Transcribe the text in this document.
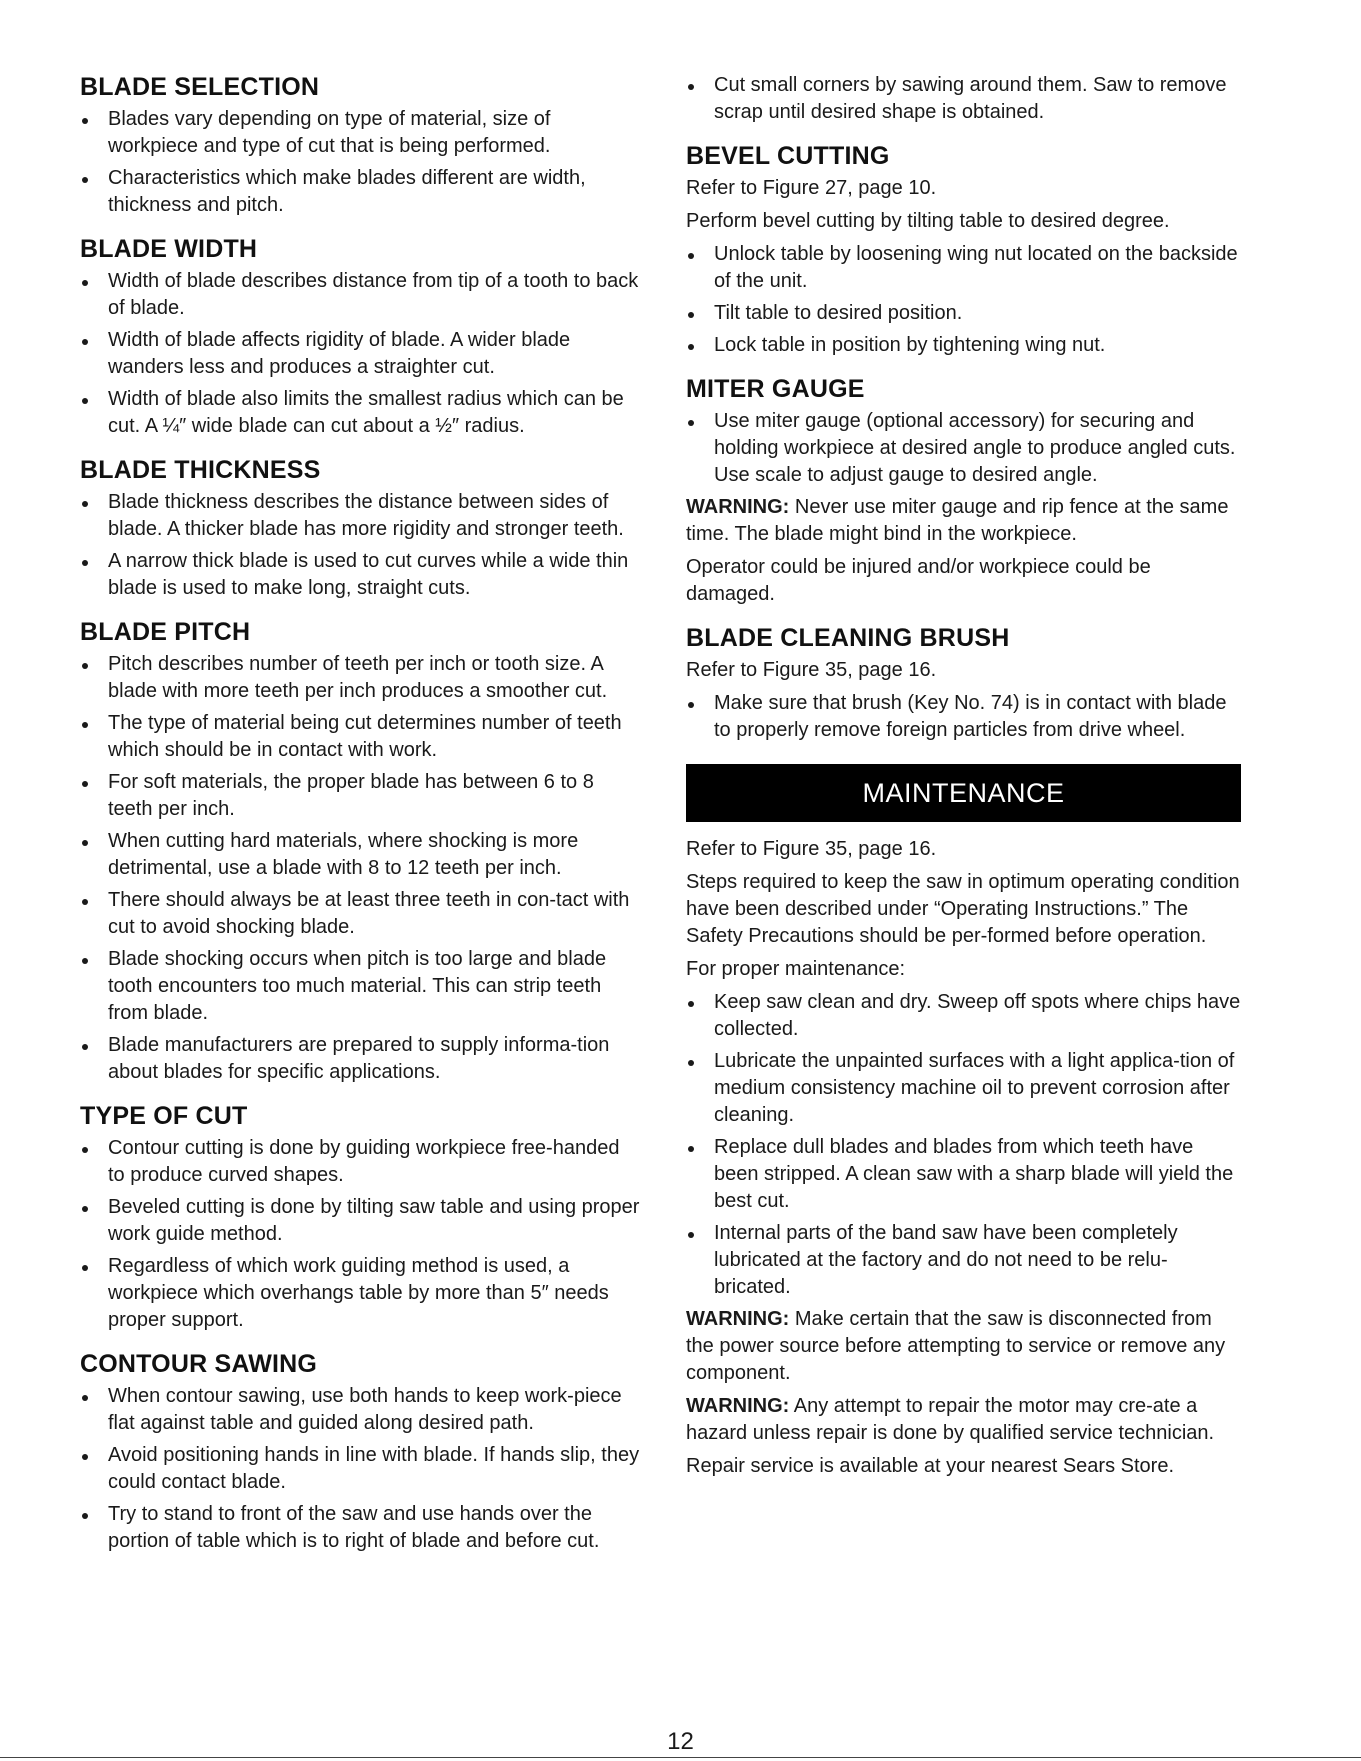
BLADE SELECTION
Blades vary depending on type of material, size of workpiece and type of cut that is being performed.
Characteristics which make blades different are width, thickness and pitch.
BLADE WIDTH
Width of blade describes distance from tip of a tooth to back of blade.
Width of blade affects rigidity of blade. A wider blade wanders less and produces a straighter cut.
Width of blade also limits the smallest radius which can be cut. A ¼″ wide blade can cut about a ½″ radius.
BLADE THICKNESS
Blade thickness describes the distance between sides of blade. A thicker blade has more rigidity and stronger teeth.
A narrow thick blade is used to cut curves while a wide thin blade is used to make long, straight cuts.
BLADE PITCH
Pitch describes number of teeth per inch or tooth size. A blade with more teeth per inch produces a smoother cut.
The type of material being cut determines number of teeth which should be in contact with work.
For soft materials, the proper blade has between 6 to 8 teeth per inch.
When cutting hard materials, where shocking is more detrimental, use a blade with 8 to 12 teeth per inch.
There should always be at least three teeth in con-tact with cut to avoid shocking blade.
Blade shocking occurs when pitch is too large and blade tooth encounters too much material. This can strip teeth from blade.
Blade manufacturers are prepared to supply informa-tion about blades for specific applications.
TYPE OF CUT
Contour cutting is done by guiding workpiece free-handed to produce curved shapes.
Beveled cutting is done by tilting saw table and using proper work guide method.
Regardless of which work guiding method is used, a workpiece which overhangs table by more than 5″ needs proper support.
CONTOUR SAWING
When contour sawing, use both hands to keep work-piece flat against table and guided along desired path.
Avoid positioning hands in line with blade. If hands slip, they could contact blade.
Try to stand to front of the saw and use hands over the portion of table which is to right of blade and before cut.
Cut small corners by sawing around them. Saw to remove scrap until desired shape is obtained.
BEVEL CUTTING

Refer to Figure 27, page 10.

Perform bevel cutting by tilting table to desired degree.

Unlock table by loosening wing nut located on the backside of the unit.
Tilt table to desired position.
Lock table in position by tightening wing nut.
MITER GAUGE
Use miter gauge (optional accessory) for securing and holding workpiece at desired angle to produce angled cuts. Use scale to adjust gauge to desired angle.

WARNING: Never use miter gauge and rip fence at the same time. The blade might bind in the workpiece.

Operator could be injured and/or workpiece could be damaged.

BLADE CLEANING BRUSH

Refer to Figure 35, page 16.

Make sure that brush (Key No. 74) is in contact with blade to properly remove foreign particles from drive wheel.
MAINTENANCE

Refer to Figure 35, page 16.

Steps required to keep the saw in optimum operating condition have been described under “Operating Instructions.” The Safety Precautions should be per-formed before operation.

For proper maintenance:

Keep saw clean and dry. Sweep off spots where chips have collected.
Lubricate the unpainted surfaces with a light applica-tion of medium consistency machine oil to prevent corrosion after cleaning.
Replace dull blades and blades from which teeth have been stripped. A clean saw with a sharp blade will yield the best cut.
Internal parts of the band saw have been completely lubricated at the factory and do not need to be relu-bricated.

WARNING: Make certain that the saw is disconnected from the power source before attempting to service or remove any component.

WARNING: Any attempt to repair the motor may cre-ate a hazard unless repair is done by qualified service technician.

Repair service is available at your nearest Sears Store.

12
